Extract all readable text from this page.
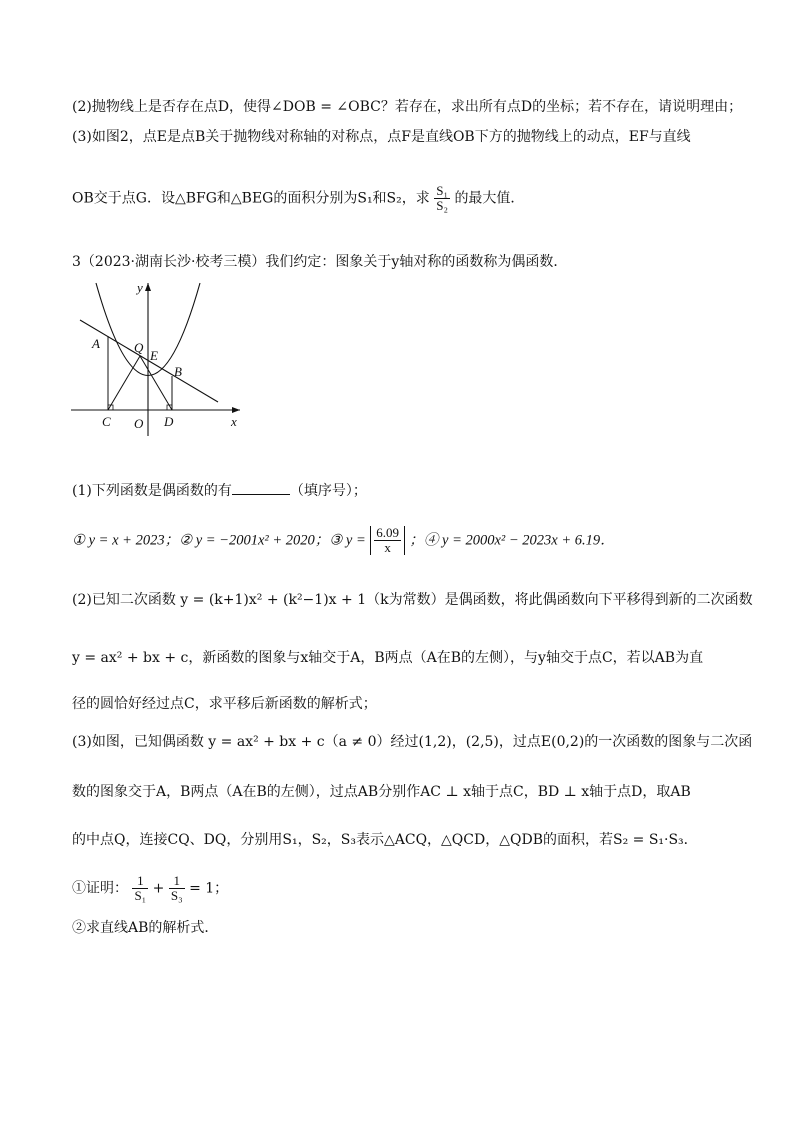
(2)抛物线上是否存在点D，使得∠DOB = ∠OBC？若存在，求出所有点D的坐标；若不存在，请说明理由；
(3)如图2，点E是点B关于抛物线对称轴的对称点，点F是直线OB下方的抛物线上的动点，EF与直线
OB交于点G．设△BFG和△BEG的面积分别为S₁和S₂，求 $\frac{\text{S₁}}{\text{S₂}}$ 的最大值．
3（2023·湖南长沙·校考三模）我们约定：图象关于y轴对称的函数称为偶函数．
y
x
A	Q
E
B
C O D
(1)下列函数是偶函数的有	（填序号）；
① y = x + 2023；② y = −2001x² + 2020；③ $y = \frac{6.09}{x}$ ；④ y = 2000x² − 2023x + 6.19．
(2)已知二次函数 y = (k+1)x² + (k²−1)x + 1（k为常数）是偶函数，将此偶函数向下平移得到新的二次函数
y = ax² + bx + c，新函数的图象与x轴交于A，B两点（A在B的左侧），与y轴交于点C，若以AB为直
径的圆恰好经过点C，求平移后新函数的解析式；
(3)如图，已知偶函数 y = ax² + bx + c（a ≠ 0）经过(1,2)，(2,5)，过点E(0,2)的一次函数的图象与二次函
数的图象交于A，B两点（A在B的左侧），过点AB分别作AC ⊥ x轴于点C，BD ⊥ x轴于点D，取AB
的中点Q，连接CQ、DQ，分别用S₁，S₂，S₃表示△ACQ，△QCD，△QDB的面积，若S₂ = S₁·S₃．
①证明： $\frac{1}{\text{S₁}} + \frac{1}{\text{S₃}} = 1$；
②求直线AB的解析式．
